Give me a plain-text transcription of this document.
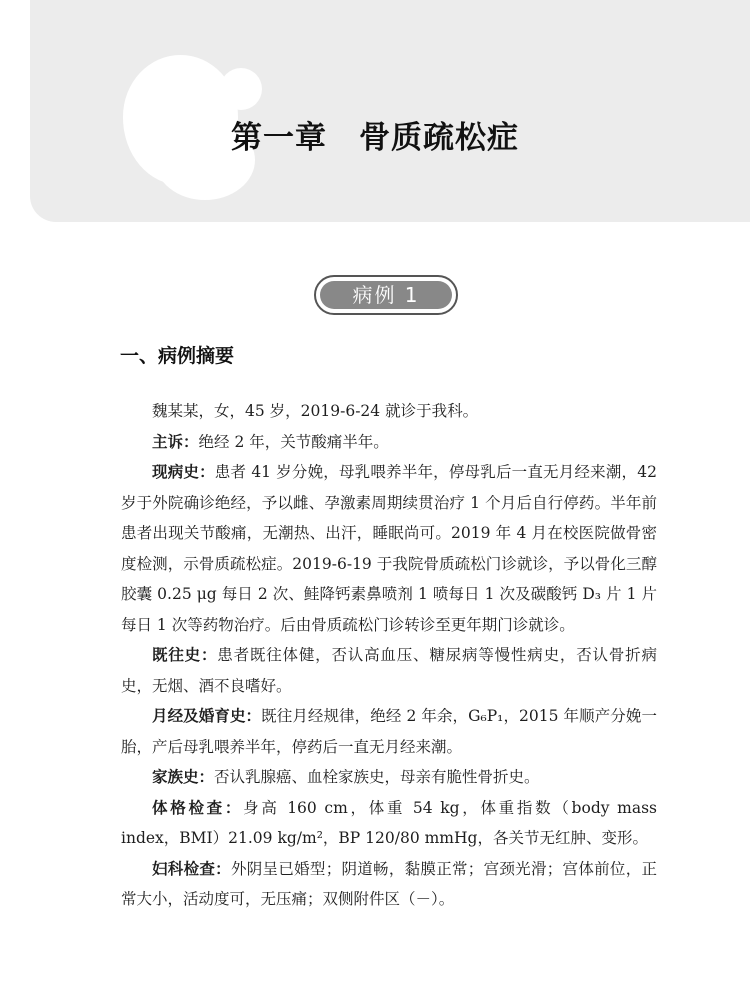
第一章　骨质疏松症
病例 1
一、病例摘要

魏某某，女，45 岁，2019-6-24 就诊于我科。

主诉：绝经 2 年，关节酸痛半年。

现病史：患者 41 岁分娩，母乳喂养半年，停母乳后一直无月经来潮，42 岁于外院确诊绝经，予以雌、孕激素周期续贯治疗 1 个月后自行停药。半年前患者出现关节酸痛，无潮热、出汗，睡眠尚可。2019 年 4 月在校医院做骨密度检测，示骨质疏松症。2019-6-19 于我院骨质疏松门诊就诊，予以骨化三醇胶囊 0.25 μg 每日 2 次、鲑降钙素鼻喷剂 1 喷每日 1 次及碳酸钙 D₃ 片 1 片每日 1 次等药物治疗。后由骨质疏松门诊转诊至更年期门诊就诊。

既往史：患者既往体健，否认高血压、糖尿病等慢性病史，否认骨折病史，无烟、酒不良嗜好。

月经及婚育史：既往月经规律，绝经 2 年余，G₆P₁，2015 年顺产分娩一胎，产后母乳喂养半年，停药后一直无月经来潮。

家族史：否认乳腺癌、血栓家族史，母亲有脆性骨折史。

体格检查：身高 160 cm，体重 54 kg，体重指数（body mass index，BMI）21.09 kg/m²，BP 120/80 mmHg，各关节无红肿、变形。

妇科检查：外阴呈已婚型；阴道畅，黏膜正常；宫颈光滑；宫体前位，正常大小，活动度可，无压痛；双侧附件区（－）。
